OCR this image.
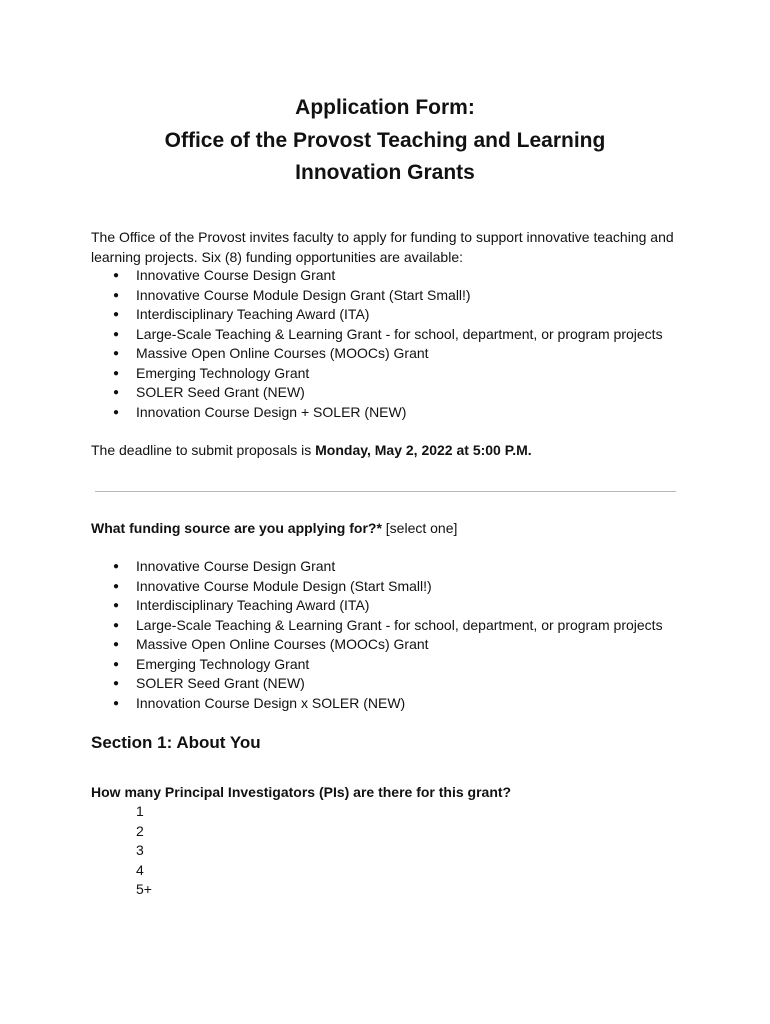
Application Form:
Office of the Provost Teaching and Learning
Innovation Grants
The Office of the Provost invites faculty to apply for funding to support innovative teaching and
learning projects. Six (8) funding opportunities are available:
● Innovative Course Design Grant
● Innovative Course Module Design Grant (Start Small!)
● Interdisciplinary Teaching Award (ITA)
● Large-Scale Teaching & Learning Grant - for school, department, or program projects
● Massive Open Online Courses (MOOCs) Grant
● Emerging Technology Grant
● SOLER Seed Grant (NEW)
● Innovation Course Design + SOLER (NEW)
The deadline to submit proposals is Monday, May 2, 2022 at 5:00 P.M.
What funding source are you applying for?* [select one]
● Innovative Course Design Grant
● Innovative Course Module Design (Start Small!)
● Interdisciplinary Teaching Award (ITA)
● Large-Scale Teaching & Learning Grant - for school, department, or program projects
● Massive Open Online Courses (MOOCs) Grant
● Emerging Technology Grant
● SOLER Seed Grant (NEW)
● Innovation Course Design x SOLER (NEW)
Section 1: About You
How many Principal Investigators (PIs) are there for this grant?
1
2
3
4
5+
